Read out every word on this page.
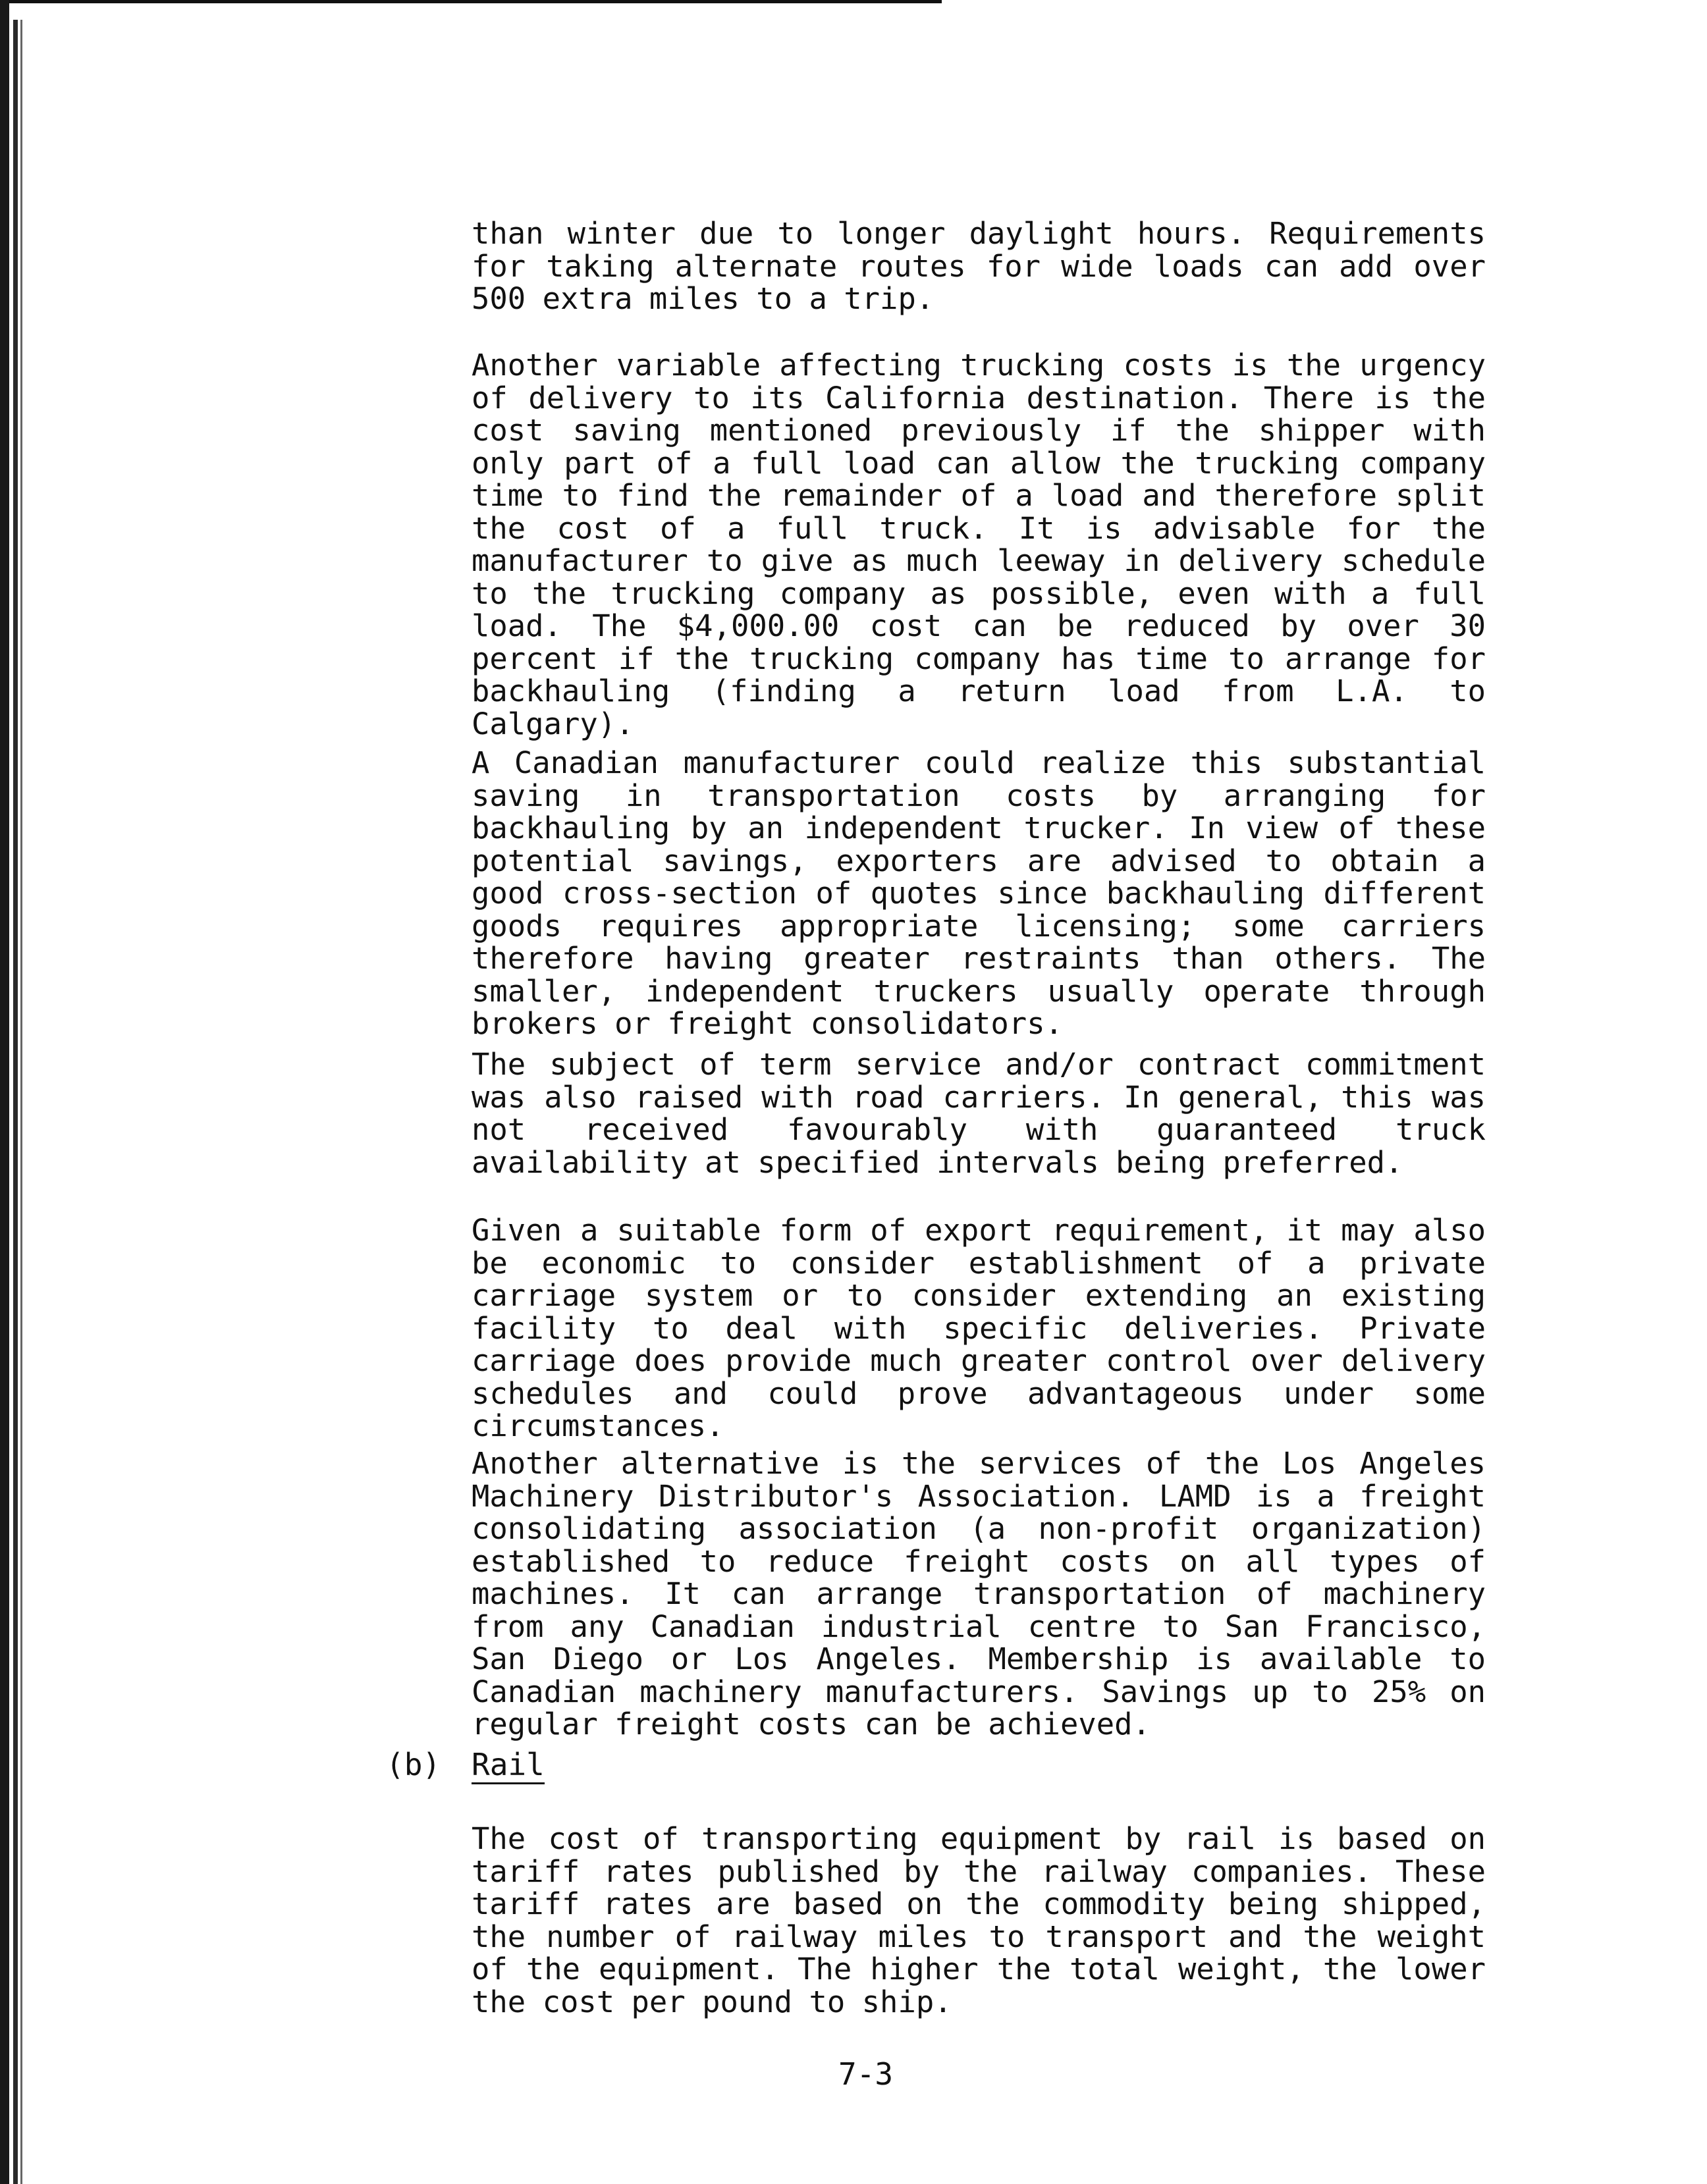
than winter due to longer daylight hours. Requirements for taking alternate routes for wide loads can add over 500 extra miles to a trip.

Another variable affecting trucking costs is the urgency of delivery to its California destination. There is the cost saving mentioned previously if the shipper with only part of a full load can allow the trucking company time to find the remainder of a load and therefore split the cost of a full truck. It is advisable for the manufacturer to give as much leeway in delivery schedule to the trucking company as possible, even with a full load. The $4,000.00 cost can be reduced by over 30 percent if the trucking company has time to arrange for backhauling (finding a return load from L.A. to Calgary).

A Canadian manufacturer could realize this substantial saving in transportation costs by arranging for backhauling by an independent trucker. In view of these potential savings, exporters are advised to obtain a good cross-section of quotes since backhauling different goods requires appropriate licensing; some carriers therefore having greater restraints than others. The smaller, independent truckers usually operate through brokers or freight consolidators.

The subject of term service and/or contract commitment was also raised with road carriers. In general, this was not received favourably with guaranteed truck availability at specified intervals being preferred.

Given a suitable form of export requirement, it may also be economic to consider establishment of a private carriage system or to consider extending an existing facility to deal with specific deliveries. Private carriage does provide much greater control over delivery schedules and could prove advantageous under some circumstances.

Another alternative is the services of the Los Angeles Machinery Distributor's Association. LAMD is a freight consolidating association (a non-profit organization) established to reduce freight costs on all types of machines. It can arrange transportation of machinery from any Canadian industrial centre to San Francisco, San Diego or Los Angeles. Membership is available to Canadian machinery manufacturers. Savings up to 25% on regular freight costs can be achieved.

(b) Rail

The cost of transporting equipment by rail is based on tariff rates published by the railway companies. These tariff rates are based on the commodity being shipped, the number of railway miles to transport and the weight of the equipment. The higher the total weight, the lower the cost per pound to ship.

7-3
